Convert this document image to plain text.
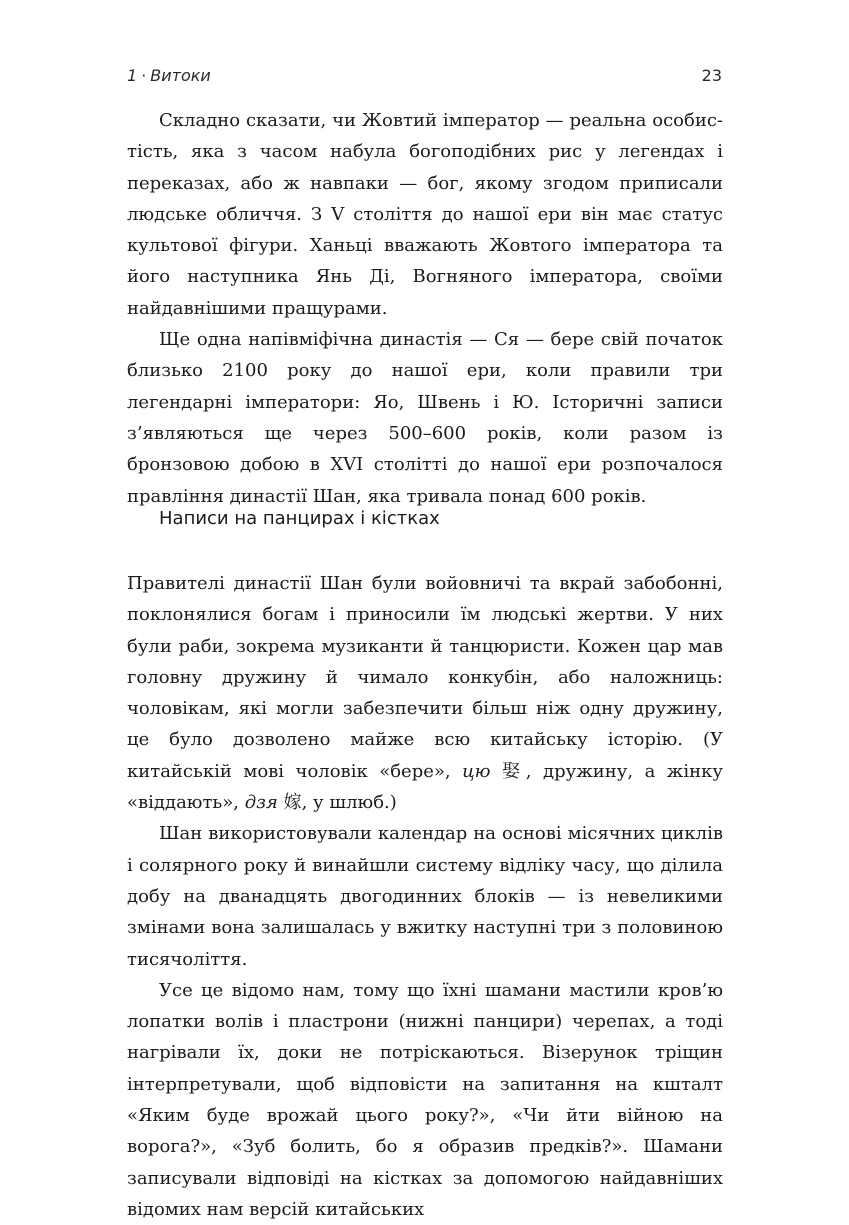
1 · Витоки	23

Складно сказати, чи Жовтий імператор — реальна особистість, яка з часом набула богоподібних рис у легендах і переказах, або ж навпаки — бог, якому згодом приписали людське обличчя. З V століття до нашої ери він має статус культової фігури. Ханьці вважають Жовтого імператора та його наступника Янь Ді, Вогняного імператора, своїми найдавнішими пращурами.

Ще одна напівміфічна династія — Ся — бере свій початок близько 2100 року до нашої ери, коли правили три легендарні імператори: Яо, Швень і Ю. Історичні записи з’являються ще через 500–600 років, коли разом із бронзовою добою в XVI столітті до нашої ери розпочалося правління династії Шан, яка тривала понад 600 років.

Написи на панцирах і кістках

Правителі династії Шан були войовничі та вкрай забобонні, поклонялися богам і приносили їм людські жертви. У них були раби, зокрема музиканти й танцюристи. Кожен цар мав головну дружину й чимало конкубін, або наложниць: чоловікам, які могли забезпечити більш ніж одну дружину, це було дозволено майже всю китайську історію. (У китайській мові чоловік «бере», цю 娶, дружину, а жінку «віддають», дзя 嫁, у шлюб.)

Шан використовували календар на основі місячних циклів і солярного року й винайшли систему відліку часу, що ділила добу на дванадцять двогодинних блоків — із невеликими змінами вона залишалась у вжитку наступні три з половиною тисячоліття.

Усе це відомо нам, тому що їхні шамани мастили кров’ю лопатки волів і пластрони (нижні панцири) черепах, а тоді нагрівали їх, доки не потріскаються. Візерунок тріщин інтерпретували, щоб відповісти на запитання на кшталт «Яким буде врожай цього року?», «Чи йти війною на ворога?», «Зуб болить, бо я образив предків?». Шамани записували відповіді на кістках за допомогою найдавніших відомих нам версій китайських
